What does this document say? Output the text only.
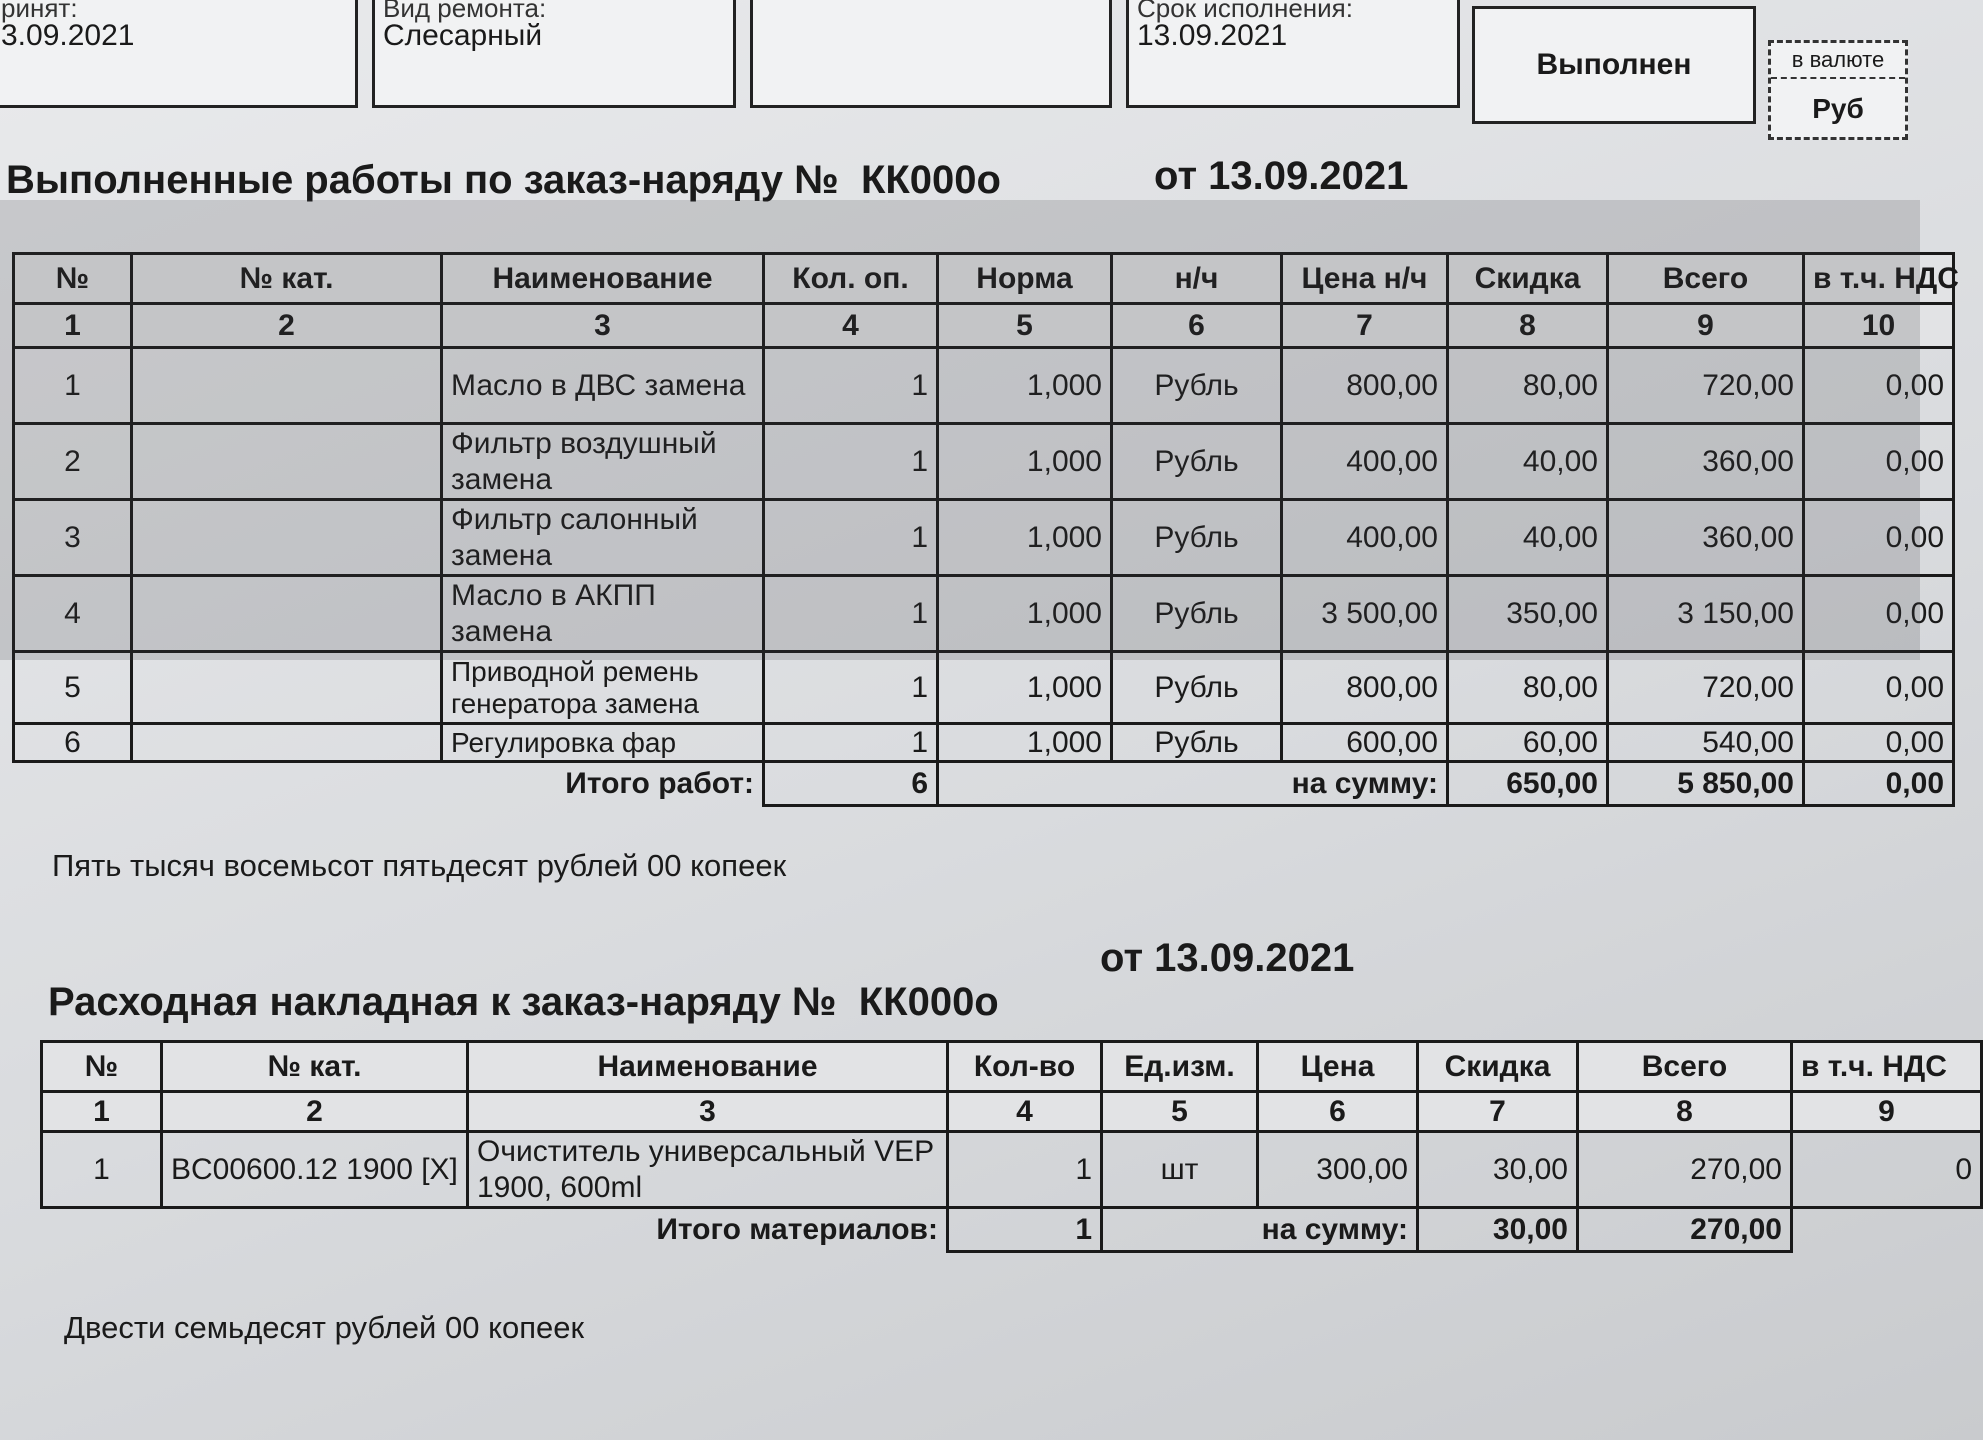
ринят:
3.09.2021
Вид ремонта:
Слесарный
Срок исполнения:
13.09.2021
Выполнен	в валюте
Руб
Выполненные работы по заказ-наряду №  КК000о	от 13.09.2021
№	№ кат.	Наименование	Кол. оп.	Норма	н/ч	Цена н/ч	Скидка	Всего	в т.ч. НДС
1	2	3	4	5	6	7	8	9	10
1		Масло в ДВС замена	1	1,000	Рубль	800,00	80,00	720,00	0,00
2		Фильтр воздушный замена	1	1,000	Рубль	400,00	40,00	360,00	0,00
3		Фильтр салонный замена	1	1,000	Рубль	400,00	40,00	360,00	0,00
4		Масло в АКПП замена	1	1,000	Рубль	3 500,00	350,00	3 150,00	0,00
5		Приводной ремень генератора замена	1	1,000	Рубль	800,00	80,00	720,00	0,00
6		Регулировка фар	1	1,000	Рубль	600,00	60,00	540,00	0,00
		Итого работ:	6	на сумму:			650,00	5 850,00	0,00
Пять тысяч восемьсот пятьдесят рублей 00 копеек
Расходная накладная к заказ-наряду №  КК000о
от 13.09.2021
№	№ кат.	Наименование	Кол-во	Ед.изм.	Цена	Скидка	Всего	в т.ч. НДС
1	2	3	4	5	6	7	8	9
1	BC00600.12 1900 [X]	Очиститель универсальный VEP 1900, 600ml	1	шт	300,00	30,00	270,00	0
		Итого материалов:	1	на сумму:		30,00	270,00	
Двести семьдесят рублей 00 копеек
